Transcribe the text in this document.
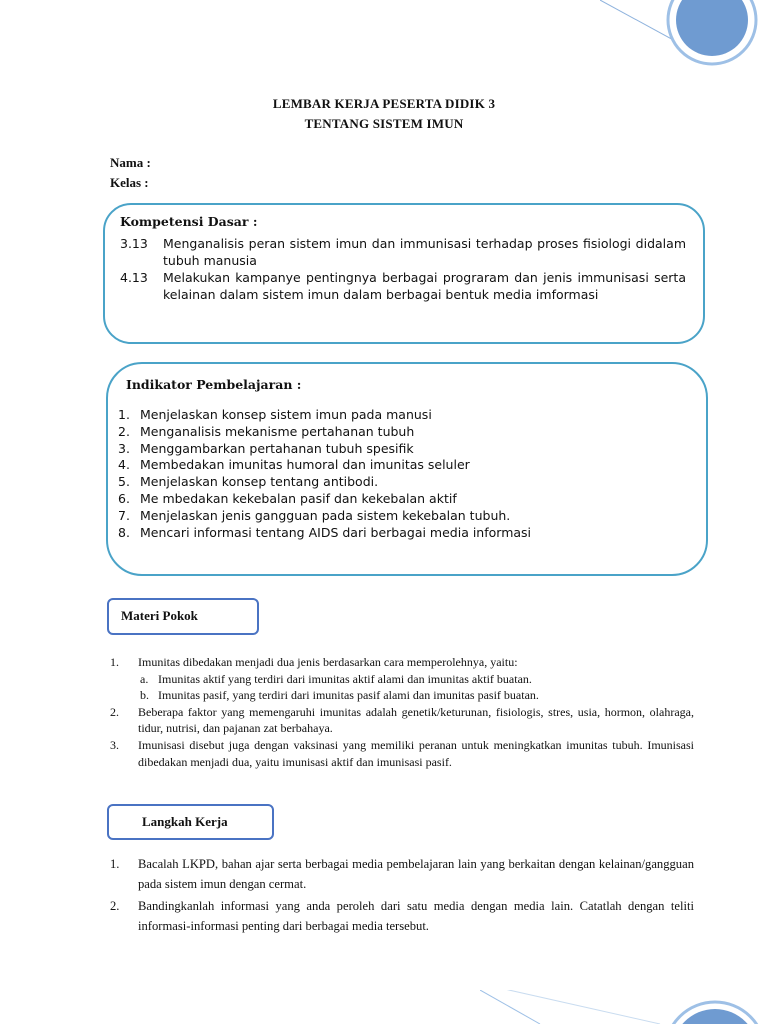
LEMBAR KERJA PESERTA DIDIK 3
TENTANG SISTEM IMUN
Nama :
Kelas :
Kompetensi Dasar :
3.13	Menganalisis peran sistem imun dan immunisasi terhadap proses fisiologi didalam tubuh manusia
4.13	Melakukan kampanye pentingnya berbagai prograram dan jenis immunisasi serta kelainan dalam sistem imun dalam berbagai bentuk media imformasi
Indikator Pembelajaran :
1. Menjelaskan konsep sistem imun pada manusi
2. Menganalisis mekanisme pertahanan tubuh
3. Menggambarkan pertahanan tubuh spesifik
4. Membedakan imunitas humoral dan imunitas seluler
5. Menjelaskan konsep tentang antibodi.
6. Me mbedakan kekebalan pasif dan kekebalan aktif
7. Menjelaskan jenis gangguan pada sistem kekebalan tubuh.
8. Mencari informasi tentang AIDS dari berbagai media informasi
Materi Pokok
1.	Imunitas dibedakan menjadi dua jenis berdasarkan cara memperolehnya, yaitu:
a. Imunitas aktif yang terdiri dari imunitas aktif alami dan imunitas aktif buatan.
b. Imunitas pasif, yang terdiri dari imunitas pasif alami dan imunitas pasif buatan.
2.	Beberapa faktor yang memengaruhi imunitas adalah genetik/keturunan, fisiologis, stres, usia, hormon, olahraga, tidur, nutrisi, dan pajanan zat berbahaya.
3.	Imunisasi disebut juga dengan vaksinasi yang memiliki peranan untuk meningkatkan imunitas tubuh. Imunisasi dibedakan menjadi dua, yaitu imunisasi aktif dan imunisasi pasif.
Langkah Kerja
1.	Bacalah LKPD, bahan ajar serta berbagai media pembelajaran lain yang berkaitan dengan kelainan/gangguan pada sistem imun dengan cermat.
2.	Bandingkanlah informasi yang anda peroleh dari satu media dengan media lain. Catatlah dengan teliti informasi-informasi penting dari berbagai media tersebut.
